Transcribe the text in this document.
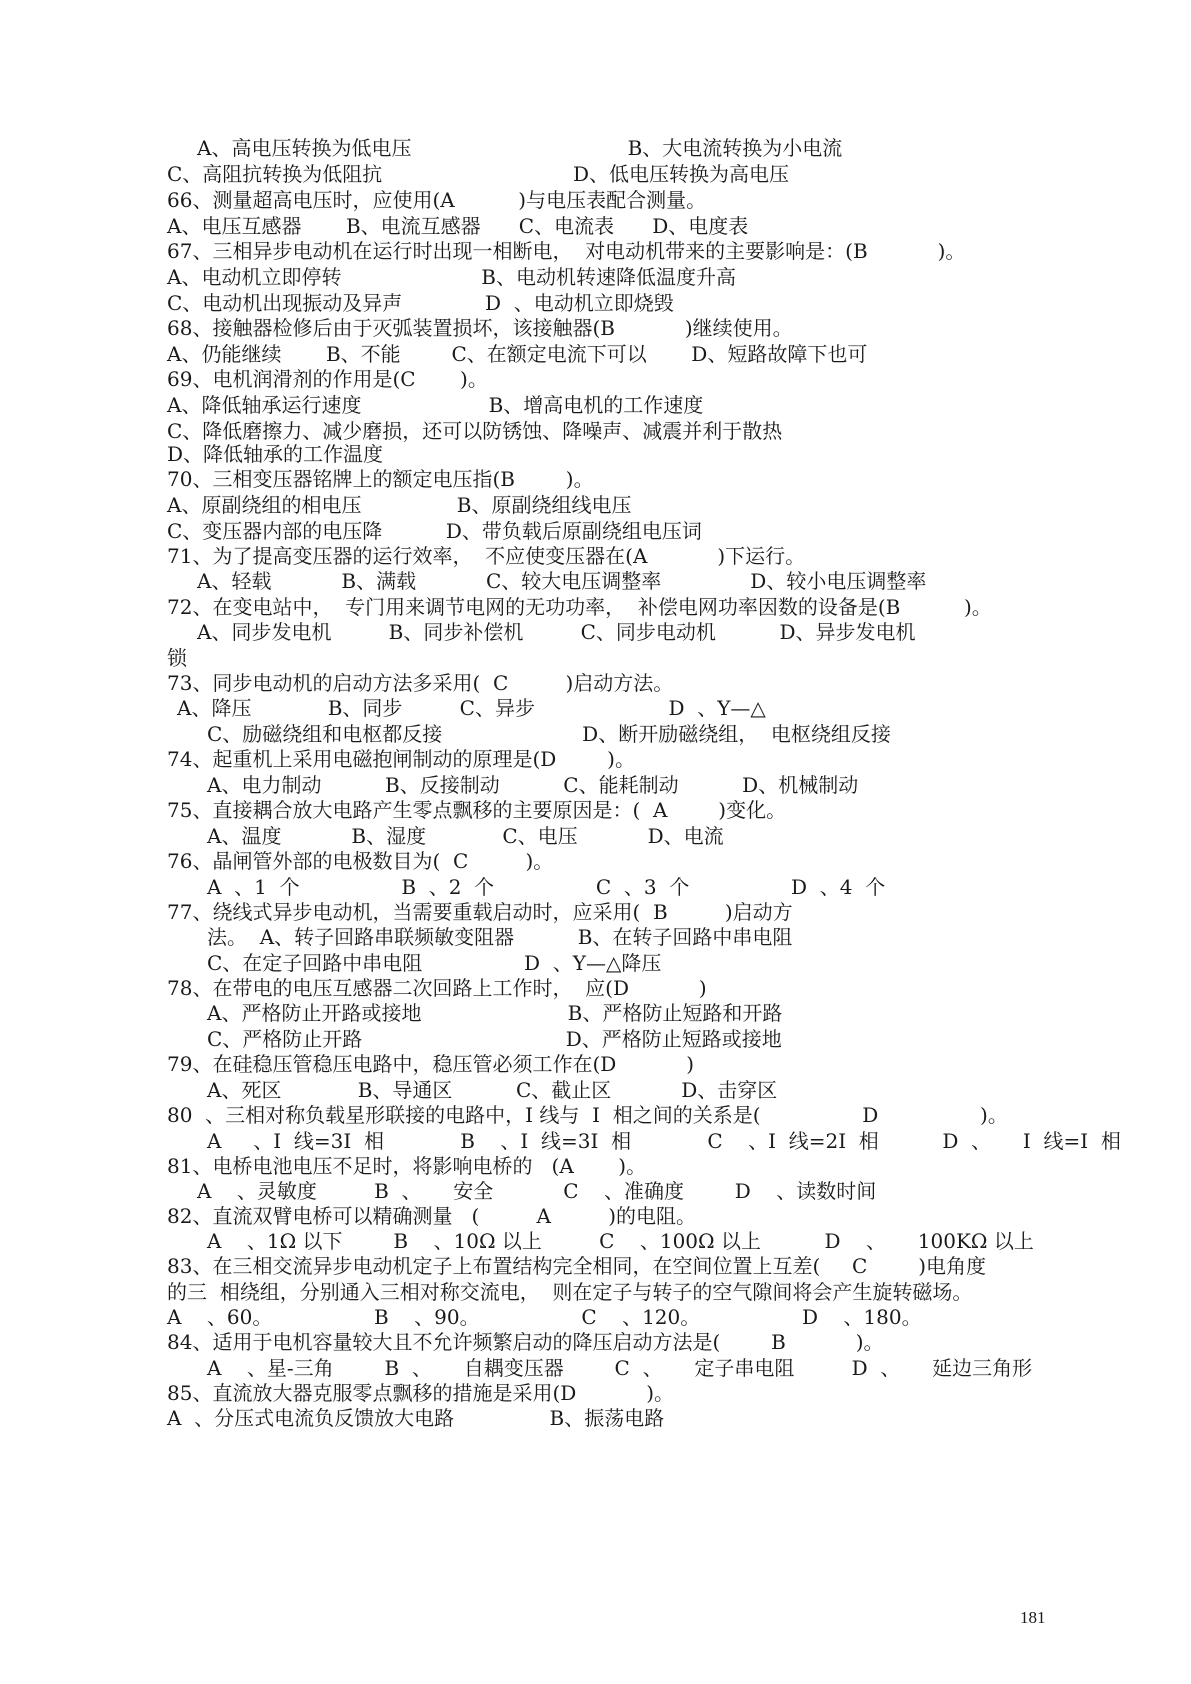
A、高电压转换为低电压                                  B、大电流转换为小电流
C、高阻抗转换为低阻抗                              D、低电压转换为高电压
66、测量超高电压时，应使用(A          )与电压表配合测量。
A、电压互感器       B、电流互感器      C、电流表      D、电度表
67、三相异步电动机在运行时出现一相断电，  对电动机带来的主要影响是：(B           )。
A、电动机立即停转                      B、电动机转速降低温度升高
C、电动机出现振动及异声             D  、电动机立即烧毁
68、接触器检修后由于灭弧装置损坏，该接触器(B           )继续使用。
A、仍能继续       B、不能        C、在额定电流下可以       D、短路故障下也可
69、电机润滑剂的作用是(C       )。
A、降低轴承运行速度                    B、增高电机的工作速度
C、降低磨擦力、减少磨损，还可以防锈蚀、降噪声、减震并利于散热
D、降低轴承的工作温度
70、三相变压器铭牌上的额定电压指(B        )。
A、原副绕组的相电压               B、原副绕组线电压
C、变压器内部的电压降          D、带负载后原副绕组电压词
71、为了提高变压器的运行效率，  不应使变压器在(A           )下运行。
A、轻载           B、满载           C、较大电压调整率              D、较小电压调整率
72、在变电站中，  专门用来调节电网的无功功率，  补偿电网功率因数的设备是(B          )。
A、同步发电机         B、同步补偿机         C、同步电动机          D、异步发电机
锁
73、同步电动机的启动方法多采用(  C         )启动方法。
A、降压            B、同步         C、异步                     D  、Y—△
C、励磁绕组和电枢都反接                      D、断开励磁绕组，  电枢绕组反接
74、起重机上采用电磁抱闸制动的原理是(D        )。
A、电力制动          B、反接制动          C、能耗制动          D、机械制动
75、直接耦合放大电路产生零点飘移的主要原因是：(  A        )变化。
A、温度           B、湿度            C、电压           D、电流
76、晶闸管外部的电极数目为(  C         )。
A  、1  个                B  、2  个                C  、3  个                D  、4  个
77、绕线式异步电动机，当需要重载启动时，应采用(  B         )启动方
法。  A、转子回路串联频敏变阻器          B、在转子回路中串电阻
C、在定子回路中串电阻                D  、Y—△降压
78、在带电的电压互感器二次回路上工作时，  应(D           )
A、严格防止开路或接地                       B、严格防止短路和开路
C、严格防止开路                                D、严格防止短路或接地
79、在硅稳压管稳压电路中，稳压管必须工作在(D           )
A、死区            B、导通区          C、截止区           D、击穿区
80  、三相对称负载星形联接的电路中，I 线与  I  相之间的关系是(                D                )。
A     、I  线=3I  相            B    、I  线=3I  相            C    、I  线=2I  相          D  、     I  线=I  相
81、电桥电池电压不足时，将影响电桥的   (A       )。
A    、灵敏度         B  、     安全           C    、准确度        D    、读数时间
82、直流双臂电桥可以精确测量   (         A         )的电阻。
A    、1Ω 以下        B    、10Ω 以上         C    、100Ω 以上          D    、     100KΩ 以上
83、在三相交流异步电动机定子上布置结构完全相同，在空间位置上互差(     C        )电角度
的三  相绕组，分别通入三相对称交流电，  则在定子与转子的空气隙间将会产生旋转磁场。
A    、60。                B    、90。                C    、120。                D    、180。
84、适用于电机容量较大且不允许频繁启动的降压启动方法是(        B           )。
A    、星-三角        B  、     自耦变压器        C  、     定子串电阻         D  、     延边三角形
85、直流放大器克服零点飘移的措施是采用(D           )。
A  、分压式电流负反馈放大电路               B、振荡电路
181
